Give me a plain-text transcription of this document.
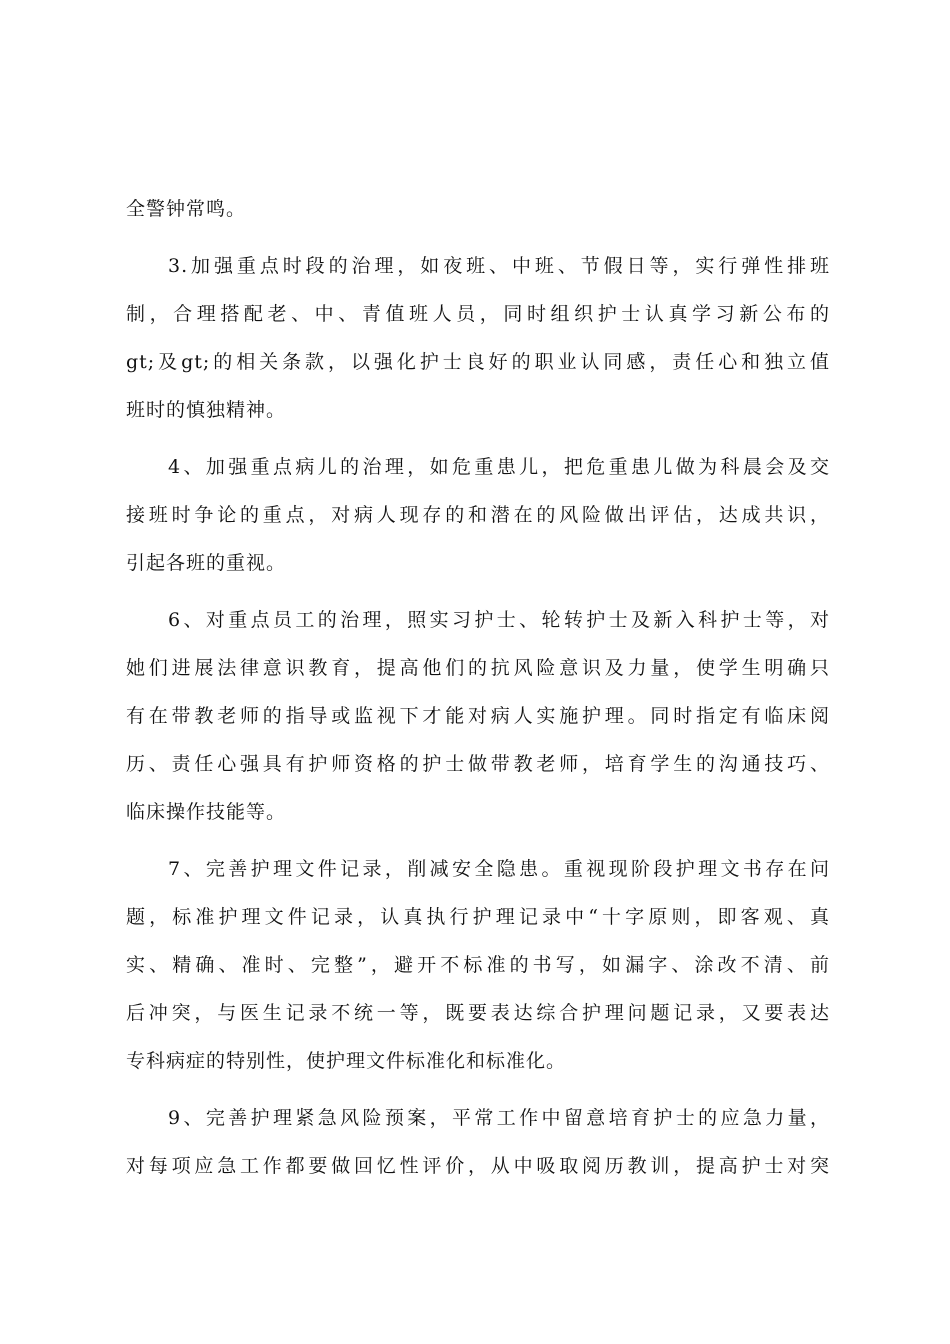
全警钟常鸣。
3.加强重点时段的治理，如夜班、中班、节假日等，实行弹性排班
制，合理搭配老、中、青值班人员，同时组织护士认真学习新公布的
gt;及gt;的相关条款，以强化护士良好的职业认同感，责任心和独立值
班时的慎独精神。
4、加强重点病儿的治理，如危重患儿，把危重患儿做为科晨会及交
接班时争论的重点，对病人现存的和潜在的风险做出评估，达成共识，
引起各班的重视。
6、对重点员工的治理，照实习护士、轮转护士及新入科护士等，对
她们进展法律意识教育，提高他们的抗风险意识及力量，使学生明确只
有在带教老师的指导或监视下才能对病人实施护理。同时指定有临床阅
历、责任心强具有护师资格的护士做带教老师，培育学生的沟通技巧、
临床操作技能等。
7、完善护理文件记录，削减安全隐患。重视现阶段护理文书存在问
题，标准护理文件记录，认真执行护理记录中“十字原则，即客观、真
实、精确、准时、完整”，避开不标准的书写，如漏字、涂改不清、前
后冲突，与医生记录不统一等，既要表达综合护理问题记录，又要表达
专科病症的特别性，使护理文件标准化和标准化。
9、完善护理紧急风险预案，平常工作中留意培育护士的应急力量，
对每项应急工作都要做回忆性评价，从中吸取阅历教训，提高护士对突
